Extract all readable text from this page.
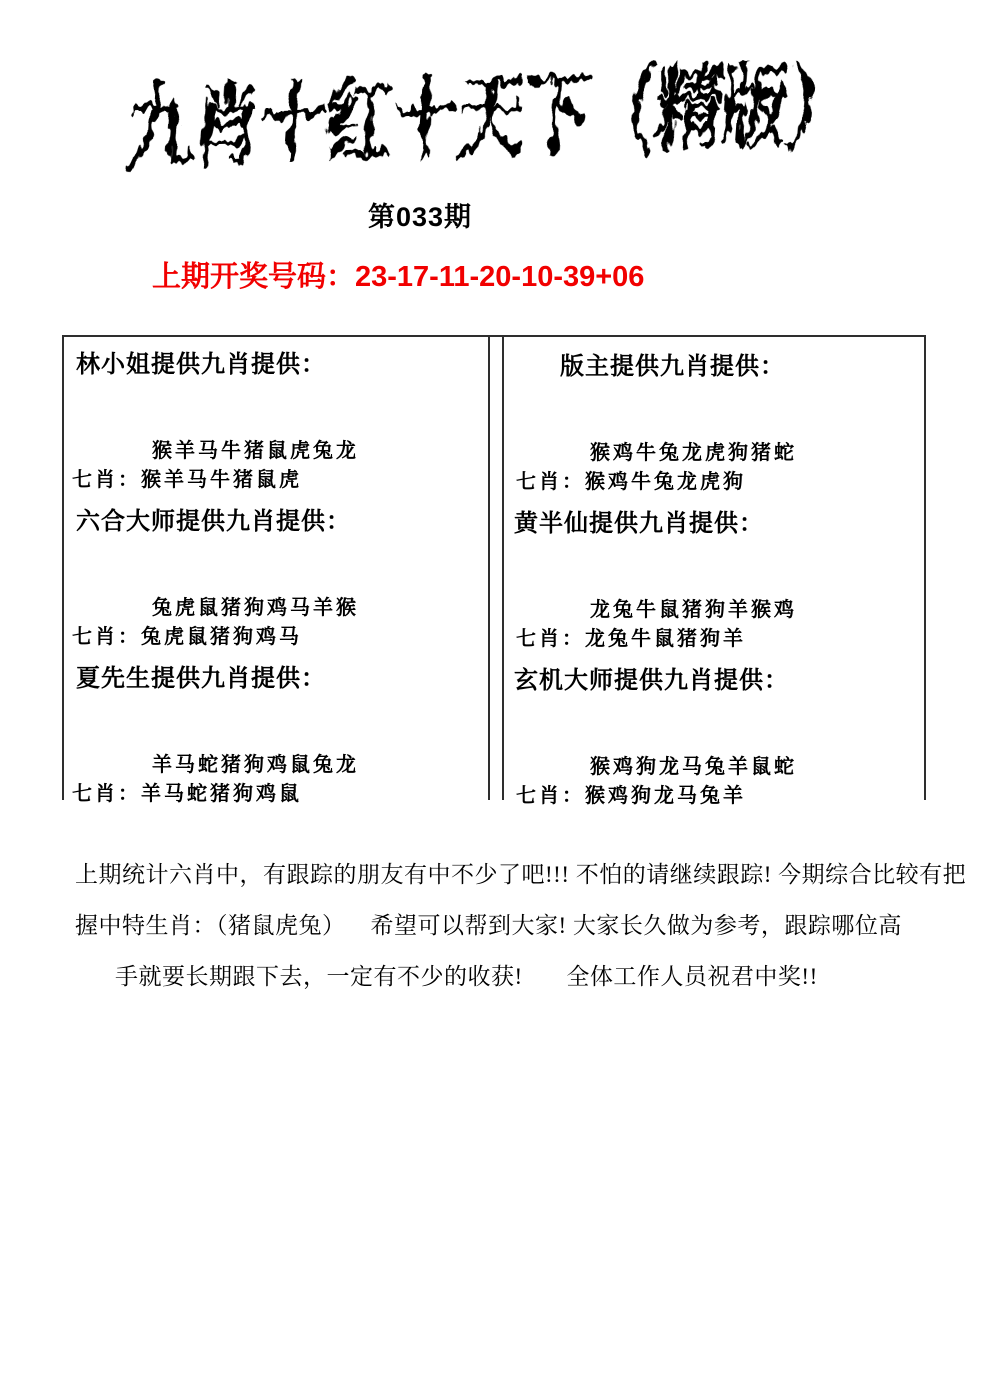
九肖十红十天下（精版）
第033期
上期开奖号码：23-17-11-20-10-39+06
林小姐提供九肖提供：
猴羊马牛猪鼠虎兔龙
七肖：猴羊马牛猪鼠虎
六合大师提供九肖提供：
兔虎鼠猪狗鸡马羊猴
七肖：兔虎鼠猪狗鸡马
夏先生提供九肖提供：
羊马蛇猪狗鸡鼠兔龙
七肖：羊马蛇猪狗鸡鼠
版主提供九肖提供：
猴鸡牛兔龙虎狗猪蛇
七肖：猴鸡牛兔龙虎狗
黄半仙提供九肖提供：
龙兔牛鼠猪狗羊猴鸡
七肖：龙兔牛鼠猪狗羊
玄机大师提供九肖提供：
猴鸡狗龙马兔羊鼠蛇
七肖：猴鸡狗龙马兔羊
上期统计六肖中，有跟踪的朋友有中不少了吧!!! 不怕的请继续跟踪! 今期综合比较有把
握中特生肖：（猪鼠虎兔）    希望可以帮到大家! 大家长久做为参考，跟踪哪位高
手就要长期跟下去，一定有不少的收获!       全体工作人员祝君中奖!!
